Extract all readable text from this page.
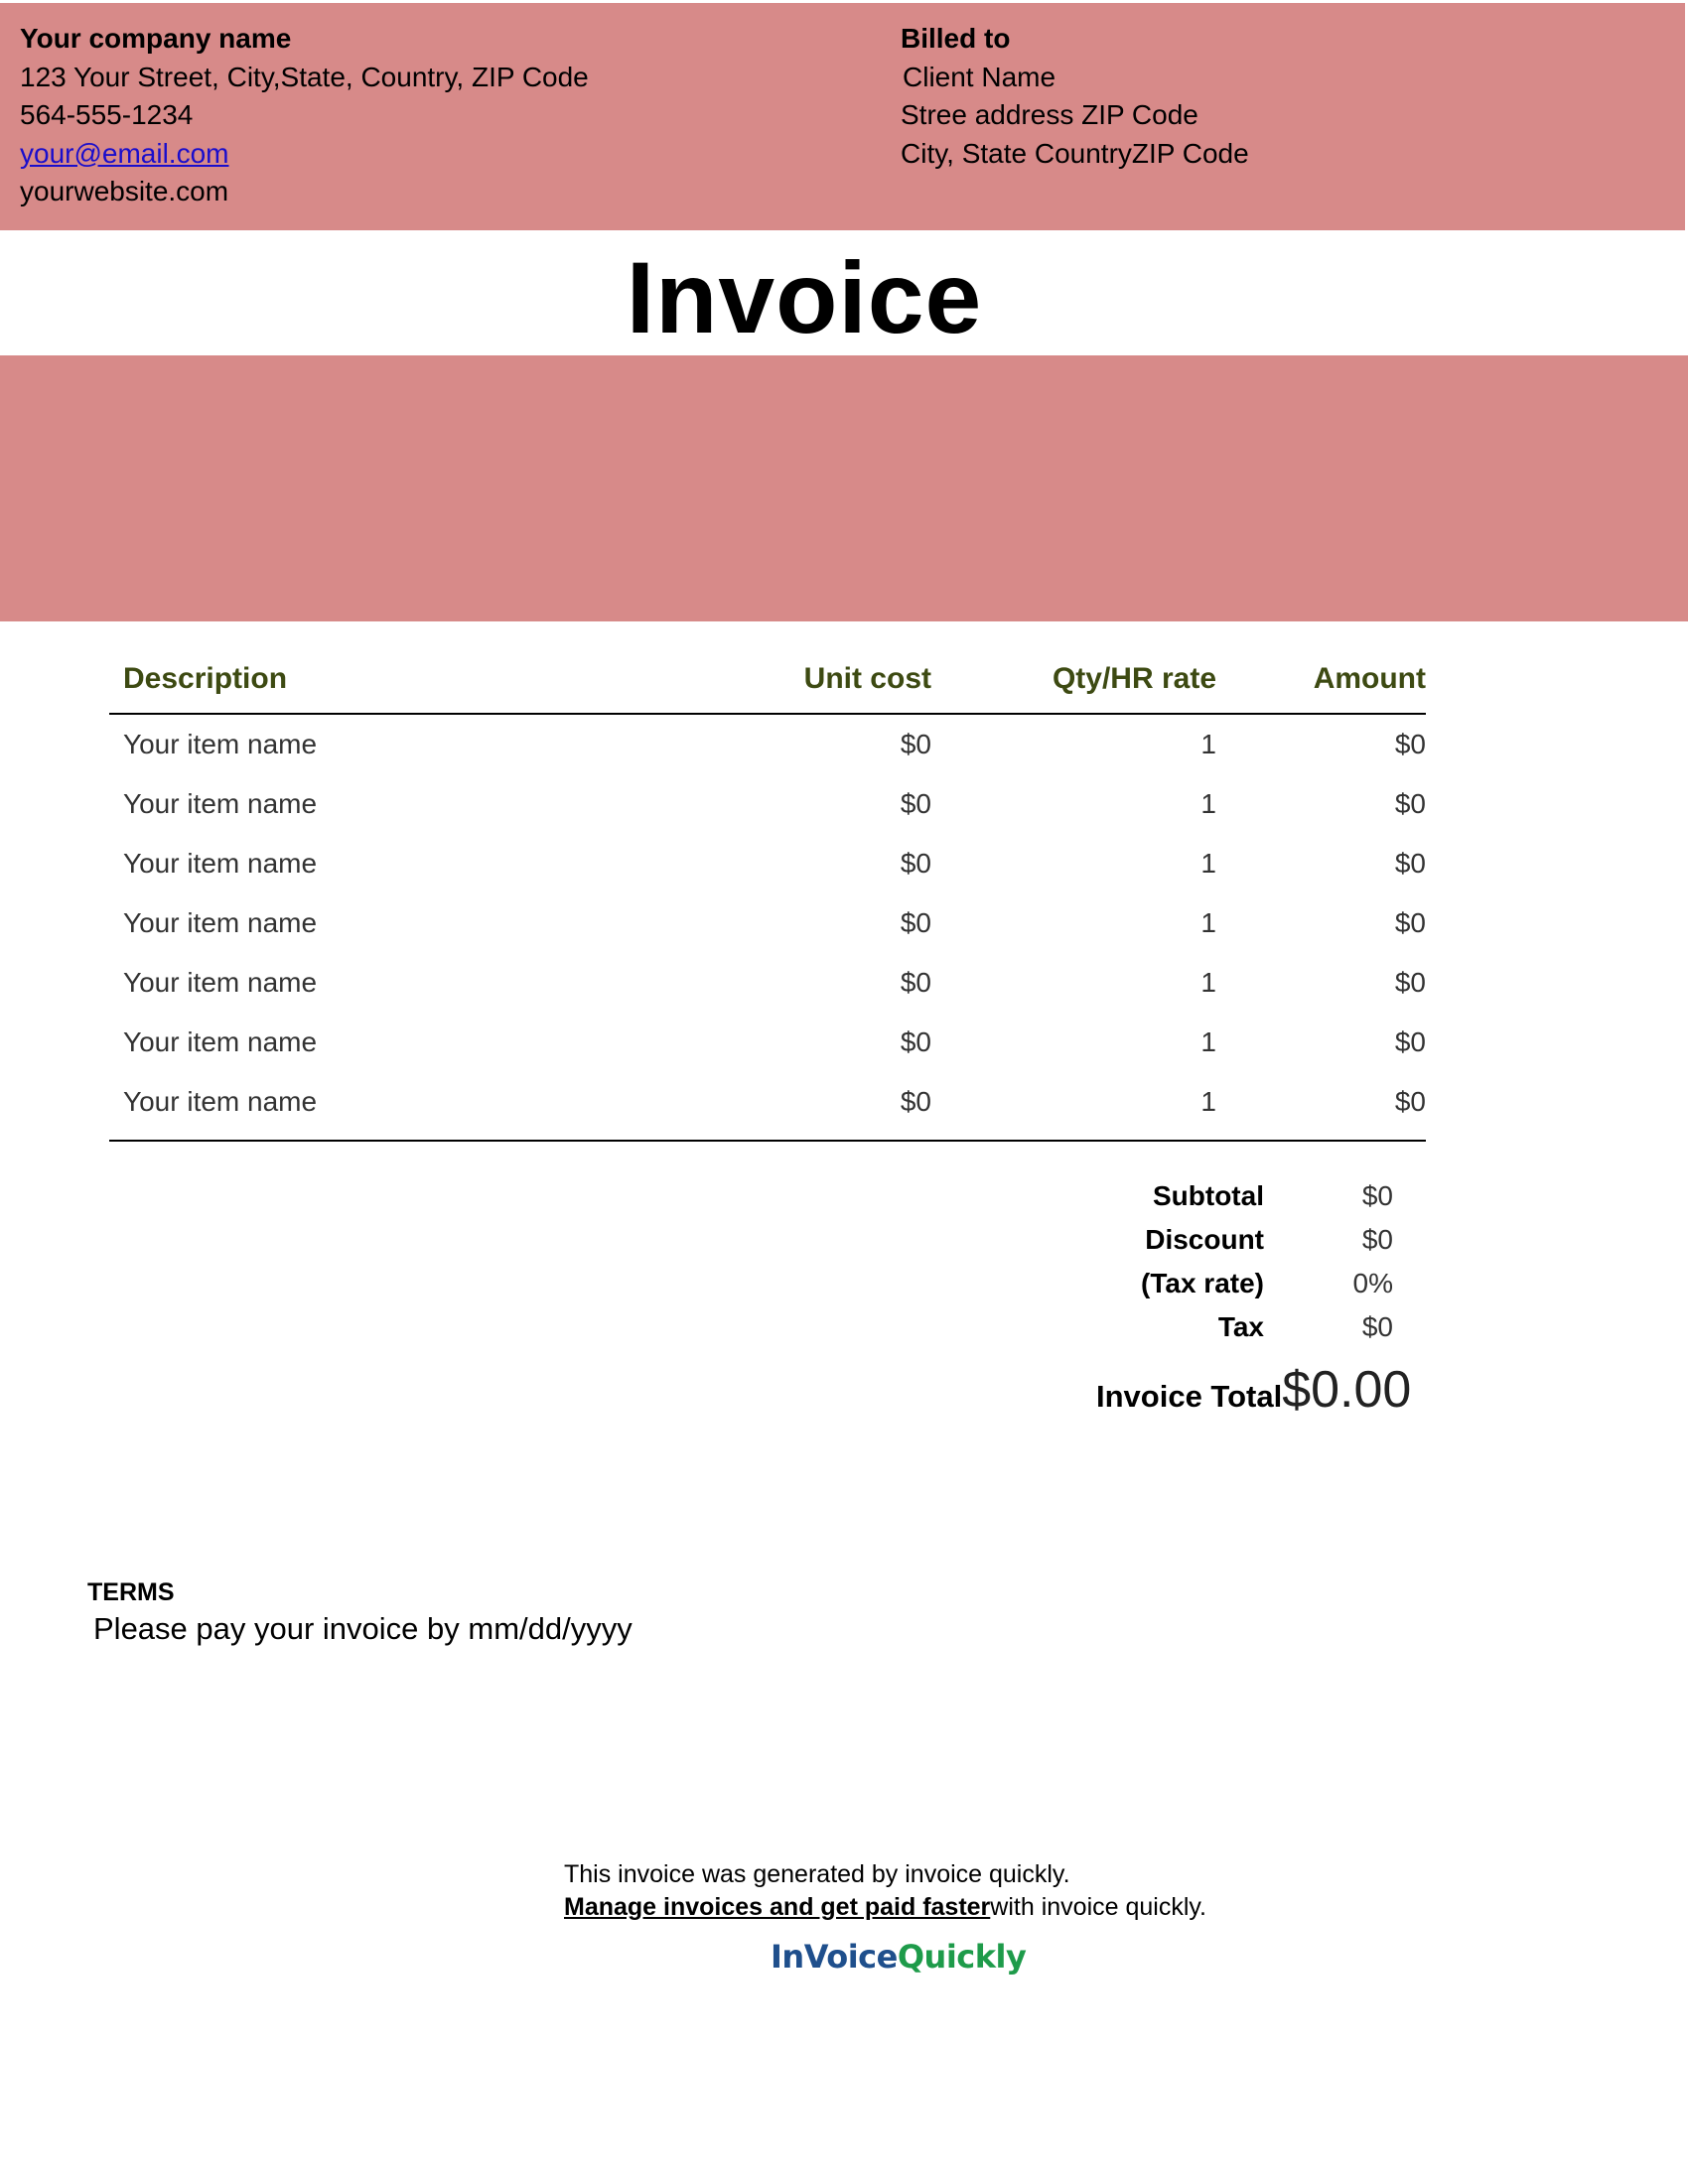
Your company name
123 Your Street, City,State, Country, ZIP Code
564-555-1234
your@email.com
yourwebsite.com
Billed to
Client Name
Stree address ZIP Code
City, State CountryZIP Code
Invoice
Description	Unit cost	Qty/HR rate	Amount
Your item name	$0	1	$0
Your item name	$0	1	$0
Your item name	$0	1	$0
Your item name	$0	1	$0
Your item name	$0	1	$0
Your item name	$0	1	$0
Your item name	$0	1	$0
Subtotal	$0
Discount	$0
(Tax rate)	0%
Tax	$0
Invoice Total $0.00
TERMS
Please pay your invoice by mm/dd/yyyy
This invoice was generated by invoice quickly.
Manage invoices and get paid fasterwith invoice quickly.
InVoiceQuickly
